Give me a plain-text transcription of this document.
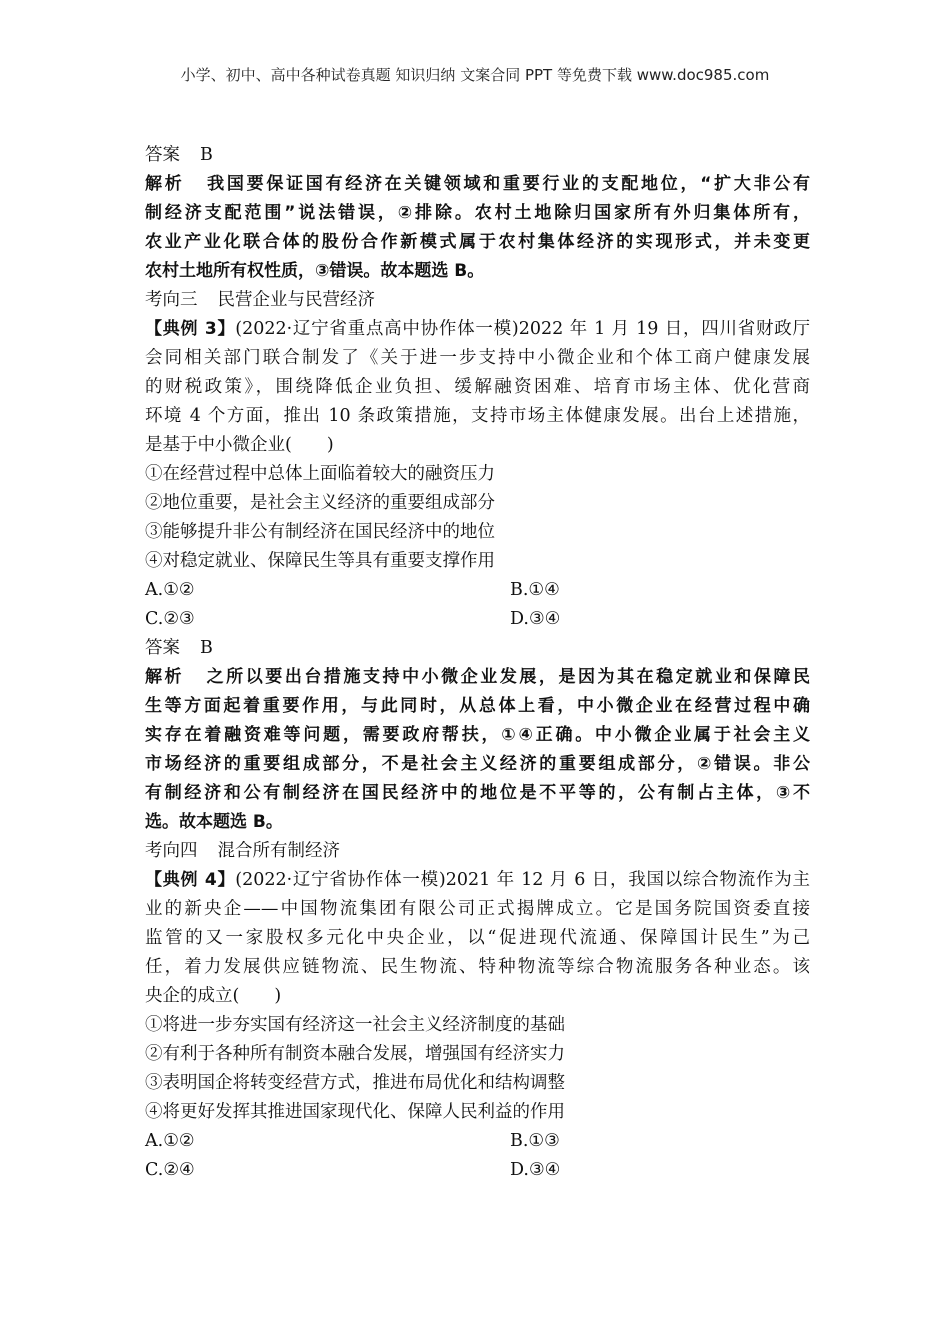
小学、初中、高中各种试卷真题 知识归纳 文案合同 PPT 等免费下载 www.doc985.com
答案 B
解析 我国要保证国有经济在关键领域和重要行业的支配地位，“扩大非公有
制经济支配范围”说法错误，②排除。农村土地除归国家所有外归集体所有，
农业产业化联合体的股份合作新模式属于农村集体经济的实现形式，并未变更
农村土地所有权性质，③错误。故本题选 B。
考向三 民营企业与民营经济
【典例 3】(2022·辽宁省重点高中协作体一模)2022 年 1 月 19 日，四川省财政厅
会同相关部门联合制发了《关于进一步支持中小微企业和个体工商户健康发展
的财税政策》，围绕降低企业负担、缓解融资困难、培育市场主体、优化营商
环境 4 个方面，推出 10 条政策措施，支持市场主体健康发展。出台上述措施，
是基于中小微企业(　　)
①在经营过程中总体上面临着较大的融资压力
②地位重要，是社会主义经济的重要组成部分
③能够提升非公有制经济在国民经济中的地位
④对稳定就业、保障民生等具有重要支撑作用
A.①②	B.①④
C.②③	D.③④
答案 B
解析 之所以要出台措施支持中小微企业发展，是因为其在稳定就业和保障民
生等方面起着重要作用，与此同时，从总体上看，中小微企业在经营过程中确
实存在着融资难等问题，需要政府帮扶，①④正确。中小微企业属于社会主义
市场经济的重要组成部分，不是社会主义经济的重要组成部分，②错误。非公
有制经济和公有制经济在国民经济中的地位是不平等的，公有制占主体，③不
选。故本题选 B。
考向四 混合所有制经济
【典例 4】(2022·辽宁省协作体一模)2021 年 12 月 6 日，我国以综合物流作为主
业的新央企——中国物流集团有限公司正式揭牌成立。它是国务院国资委直接
监管的又一家股权多元化中央企业，以“促进现代流通、保障国计民生”为己
任，着力发展供应链物流、民生物流、特种物流等综合物流服务各种业态。该
央企的成立(　　)
①将进一步夯实国有经济这一社会主义经济制度的基础
②有利于各种所有制资本融合发展，增强国有经济实力
③表明国企将转变经营方式，推进布局优化和结构调整
④将更好发挥其推进国家现代化、保障人民利益的作用
A.①②	B.①③
C.②④	D.③④
